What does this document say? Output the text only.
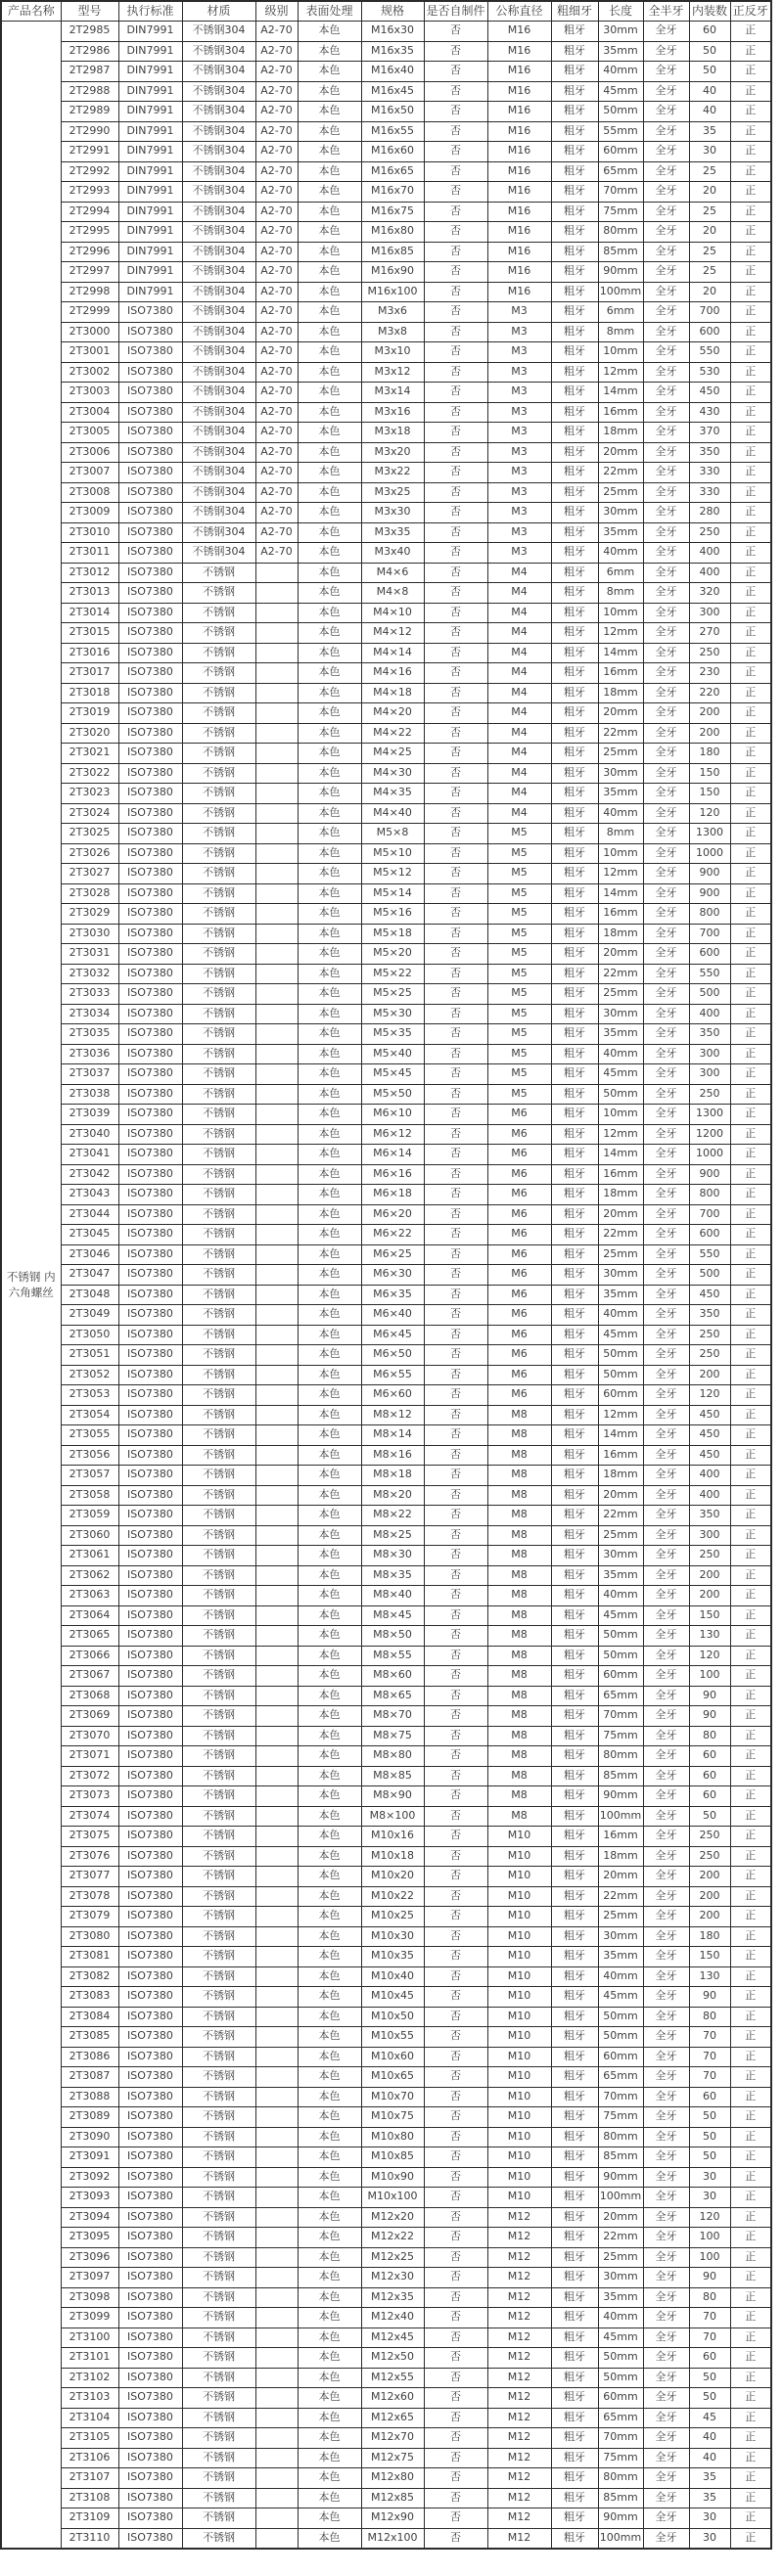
产品名称	型号	执行标准	材质	级别	表面处理	规格	是否自制件	公称直径	粗细牙	长度	全半牙	内装数	正反牙
不锈钢 内六角螺丝	2T2985	DIN7991	不锈钢304	A2-70	本色	M16x30	否	M16	粗牙	30mm	全牙	60	正
	2T2986	DIN7991	不锈钢304	A2-70	本色	M16x35	否	M16	粗牙	35mm	全牙	50	正
	2T2987	DIN7991	不锈钢304	A2-70	本色	M16x40	否	M16	粗牙	40mm	全牙	50	正
	2T2988	DIN7991	不锈钢304	A2-70	本色	M16x45	否	M16	粗牙	45mm	全牙	40	正
	2T2989	DIN7991	不锈钢304	A2-70	本色	M16x50	否	M16	粗牙	50mm	全牙	40	正
	2T2990	DIN7991	不锈钢304	A2-70	本色	M16x55	否	M16	粗牙	55mm	全牙	35	正
	2T2991	DIN7991	不锈钢304	A2-70	本色	M16x60	否	M16	粗牙	60mm	全牙	30	正
	2T2992	DIN7991	不锈钢304	A2-70	本色	M16x65	否	M16	粗牙	65mm	全牙	25	正
	2T2993	DIN7991	不锈钢304	A2-70	本色	M16x70	否	M16	粗牙	70mm	全牙	20	正
	2T2994	DIN7991	不锈钢304	A2-70	本色	M16x75	否	M16	粗牙	75mm	全牙	25	正
	2T2995	DIN7991	不锈钢304	A2-70	本色	M16x80	否	M16	粗牙	80mm	全牙	20	正
	2T2996	DIN7991	不锈钢304	A2-70	本色	M16x85	否	M16	粗牙	85mm	全牙	25	正
	2T2997	DIN7991	不锈钢304	A2-70	本色	M16x90	否	M16	粗牙	90mm	全牙	25	正
	2T2998	DIN7991	不锈钢304	A2-70	本色	M16x100	否	M16	粗牙	100mm	全牙	20	正
	2T2999	ISO7380	不锈钢304	A2-70	本色	M3x6	否	M3	粗牙	6mm	全牙	700	正
	2T3000	ISO7380	不锈钢304	A2-70	本色	M3x8	否	M3	粗牙	8mm	全牙	600	正
	2T3001	ISO7380	不锈钢304	A2-70	本色	M3x10	否	M3	粗牙	10mm	全牙	550	正
	2T3002	ISO7380	不锈钢304	A2-70	本色	M3x12	否	M3	粗牙	12mm	全牙	530	正
	2T3003	ISO7380	不锈钢304	A2-70	本色	M3x14	否	M3	粗牙	14mm	全牙	450	正
	2T3004	ISO7380	不锈钢304	A2-70	本色	M3x16	否	M3	粗牙	16mm	全牙	430	正
	2T3005	ISO7380	不锈钢304	A2-70	本色	M3x18	否	M3	粗牙	18mm	全牙	370	正
	2T3006	ISO7380	不锈钢304	A2-70	本色	M3x20	否	M3	粗牙	20mm	全牙	350	正
	2T3007	ISO7380	不锈钢304	A2-70	本色	M3x22	否	M3	粗牙	22mm	全牙	330	正
	2T3008	ISO7380	不锈钢304	A2-70	本色	M3x25	否	M3	粗牙	25mm	全牙	330	正
	2T3009	ISO7380	不锈钢304	A2-70	本色	M3x30	否	M3	粗牙	30mm	全牙	280	正
	2T3010	ISO7380	不锈钢304	A2-70	本色	M3x35	否	M3	粗牙	35mm	全牙	250	正
	2T3011	ISO7380	不锈钢304	A2-70	本色	M3x40	否	M3	粗牙	40mm	全牙	400	正
	2T3012	ISO7380	不锈钢		本色	M4×6	否	M4	粗牙	6mm	全牙	400	正
	2T3013	ISO7380	不锈钢		本色	M4×8	否	M4	粗牙	8mm	全牙	320	正
	2T3014	ISO7380	不锈钢		本色	M4×10	否	M4	粗牙	10mm	全牙	300	正
	2T3015	ISO7380	不锈钢		本色	M4×12	否	M4	粗牙	12mm	全牙	270	正
	2T3016	ISO7380	不锈钢		本色	M4×14	否	M4	粗牙	14mm	全牙	250	正
	2T3017	ISO7380	不锈钢		本色	M4×16	否	M4	粗牙	16mm	全牙	230	正
	2T3018	ISO7380	不锈钢		本色	M4×18	否	M4	粗牙	18mm	全牙	220	正
	2T3019	ISO7380	不锈钢		本色	M4×20	否	M4	粗牙	20mm	全牙	200	正
	2T3020	ISO7380	不锈钢		本色	M4×22	否	M4	粗牙	22mm	全牙	200	正
	2T3021	ISO7380	不锈钢		本色	M4×25	否	M4	粗牙	25mm	全牙	180	正
	2T3022	ISO7380	不锈钢		本色	M4×30	否	M4	粗牙	30mm	全牙	150	正
	2T3023	ISO7380	不锈钢		本色	M4×35	否	M4	粗牙	35mm	全牙	150	正
	2T3024	ISO7380	不锈钢		本色	M4×40	否	M4	粗牙	40mm	全牙	120	正
	2T3025	ISO7380	不锈钢		本色	M5×8	否	M5	粗牙	8mm	全牙	1300	正
	2T3026	ISO7380	不锈钢		本色	M5×10	否	M5	粗牙	10mm	全牙	1000	正
	2T3027	ISO7380	不锈钢		本色	M5×12	否	M5	粗牙	12mm	全牙	900	正
	2T3028	ISO7380	不锈钢		本色	M5×14	否	M5	粗牙	14mm	全牙	900	正
	2T3029	ISO7380	不锈钢		本色	M5×16	否	M5	粗牙	16mm	全牙	800	正
	2T3030	ISO7380	不锈钢		本色	M5×18	否	M5	粗牙	18mm	全牙	700	正
	2T3031	ISO7380	不锈钢		本色	M5×20	否	M5	粗牙	20mm	全牙	600	正
	2T3032	ISO7380	不锈钢		本色	M5×22	否	M5	粗牙	22mm	全牙	550	正
	2T3033	ISO7380	不锈钢		本色	M5×25	否	M5	粗牙	25mm	全牙	500	正
	2T3034	ISO7380	不锈钢		本色	M5×30	否	M5	粗牙	30mm	全牙	400	正
	2T3035	ISO7380	不锈钢		本色	M5×35	否	M5	粗牙	35mm	全牙	350	正
	2T3036	ISO7380	不锈钢		本色	M5×40	否	M5	粗牙	40mm	全牙	300	正
	2T3037	ISO7380	不锈钢		本色	M5×45	否	M5	粗牙	45mm	全牙	300	正
	2T3038	ISO7380	不锈钢		本色	M5×50	否	M5	粗牙	50mm	全牙	250	正
	2T3039	ISO7380	不锈钢		本色	M6×10	否	M6	粗牙	10mm	全牙	1300	正
	2T3040	ISO7380	不锈钢		本色	M6×12	否	M6	粗牙	12mm	全牙	1200	正
	2T3041	ISO7380	不锈钢		本色	M6×14	否	M6	粗牙	14mm	全牙	1000	正
	2T3042	ISO7380	不锈钢		本色	M6×16	否	M6	粗牙	16mm	全牙	900	正
	2T3043	ISO7380	不锈钢		本色	M6×18	否	M6	粗牙	18mm	全牙	800	正
	2T3044	ISO7380	不锈钢		本色	M6×20	否	M6	粗牙	20mm	全牙	700	正
	2T3045	ISO7380	不锈钢		本色	M6×22	否	M6	粗牙	22mm	全牙	600	正
	2T3046	ISO7380	不锈钢		本色	M6×25	否	M6	粗牙	25mm	全牙	550	正
	2T3047	ISO7380	不锈钢		本色	M6×30	否	M6	粗牙	30mm	全牙	500	正
	2T3048	ISO7380	不锈钢		本色	M6×35	否	M6	粗牙	35mm	全牙	450	正
	2T3049	ISO7380	不锈钢		本色	M6×40	否	M6	粗牙	40mm	全牙	350	正
	2T3050	ISO7380	不锈钢		本色	M6×45	否	M6	粗牙	45mm	全牙	250	正
	2T3051	ISO7380	不锈钢		本色	M6×50	否	M6	粗牙	50mm	全牙	250	正
	2T3052	ISO7380	不锈钢		本色	M6×55	否	M6	粗牙	50mm	全牙	200	正
	2T3053	ISO7380	不锈钢		本色	M6×60	否	M6	粗牙	60mm	全牙	120	正
	2T3054	ISO7380	不锈钢		本色	M8×12	否	M8	粗牙	12mm	全牙	450	正
	2T3055	ISO7380	不锈钢		本色	M8×14	否	M8	粗牙	14mm	全牙	450	正
	2T3056	ISO7380	不锈钢		本色	M8×16	否	M8	粗牙	16mm	全牙	450	正
	2T3057	ISO7380	不锈钢		本色	M8×18	否	M8	粗牙	18mm	全牙	400	正
	2T3058	ISO7380	不锈钢		本色	M8×20	否	M8	粗牙	20mm	全牙	400	正
	2T3059	ISO7380	不锈钢		本色	M8×22	否	M8	粗牙	22mm	全牙	350	正
	2T3060	ISO7380	不锈钢		本色	M8×25	否	M8	粗牙	25mm	全牙	300	正
	2T3061	ISO7380	不锈钢		本色	M8×30	否	M8	粗牙	30mm	全牙	250	正
	2T3062	ISO7380	不锈钢		本色	M8×35	否	M8	粗牙	35mm	全牙	200	正
	2T3063	ISO7380	不锈钢		本色	M8×40	否	M8	粗牙	40mm	全牙	200	正
	2T3064	ISO7380	不锈钢		本色	M8×45	否	M8	粗牙	45mm	全牙	150	正
	2T3065	ISO7380	不锈钢		本色	M8×50	否	M8	粗牙	50mm	全牙	130	正
	2T3066	ISO7380	不锈钢		本色	M8×55	否	M8	粗牙	50mm	全牙	120	正
	2T3067	ISO7380	不锈钢		本色	M8×60	否	M8	粗牙	60mm	全牙	100	正
	2T3068	ISO7380	不锈钢		本色	M8×65	否	M8	粗牙	65mm	全牙	90	正
	2T3069	ISO7380	不锈钢		本色	M8×70	否	M8	粗牙	70mm	全牙	90	正
	2T3070	ISO7380	不锈钢		本色	M8×75	否	M8	粗牙	75mm	全牙	80	正
	2T3071	ISO7380	不锈钢		本色	M8×80	否	M8	粗牙	80mm	全牙	60	正
	2T3072	ISO7380	不锈钢		本色	M8×85	否	M8	粗牙	85mm	全牙	60	正
	2T3073	ISO7380	不锈钢		本色	M8×90	否	M8	粗牙	90mm	全牙	60	正
	2T3074	ISO7380	不锈钢		本色	M8×100	否	M8	粗牙	100mm	全牙	50	正
	2T3075	ISO7380	不锈钢		本色	M10x16	否	M10	粗牙	16mm	全牙	250	正
	2T3076	ISO7380	不锈钢		本色	M10x18	否	M10	粗牙	18mm	全牙	250	正
	2T3077	ISO7380	不锈钢		本色	M10x20	否	M10	粗牙	20mm	全牙	200	正
	2T3078	ISO7380	不锈钢		本色	M10x22	否	M10	粗牙	22mm	全牙	200	正
	2T3079	ISO7380	不锈钢		本色	M10x25	否	M10	粗牙	25mm	全牙	200	正
	2T3080	ISO7380	不锈钢		本色	M10x30	否	M10	粗牙	30mm	全牙	180	正
	2T3081	ISO7380	不锈钢		本色	M10x35	否	M10	粗牙	35mm	全牙	150	正
	2T3082	ISO7380	不锈钢		本色	M10x40	否	M10	粗牙	40mm	全牙	130	正
	2T3083	ISO7380	不锈钢		本色	M10x45	否	M10	粗牙	45mm	全牙	90	正
	2T3084	ISO7380	不锈钢		本色	M10x50	否	M10	粗牙	50mm	全牙	80	正
	2T3085	ISO7380	不锈钢		本色	M10x55	否	M10	粗牙	50mm	全牙	70	正
	2T3086	ISO7380	不锈钢		本色	M10x60	否	M10	粗牙	60mm	全牙	70	正
	2T3087	ISO7380	不锈钢		本色	M10x65	否	M10	粗牙	65mm	全牙	70	正
	2T3088	ISO7380	不锈钢		本色	M10x70	否	M10	粗牙	70mm	全牙	60	正
	2T3089	ISO7380	不锈钢		本色	M10x75	否	M10	粗牙	75mm	全牙	50	正
	2T3090	ISO7380	不锈钢		本色	M10x80	否	M10	粗牙	80mm	全牙	50	正
	2T3091	ISO7380	不锈钢		本色	M10x85	否	M10	粗牙	85mm	全牙	50	正
	2T3092	ISO7380	不锈钢		本色	M10x90	否	M10	粗牙	90mm	全牙	30	正
	2T3093	ISO7380	不锈钢		本色	M10x100	否	M10	粗牙	100mm	全牙	30	正
	2T3094	ISO7380	不锈钢		本色	M12x20	否	M12	粗牙	20mm	全牙	120	正
	2T3095	ISO7380	不锈钢		本色	M12x22	否	M12	粗牙	22mm	全牙	100	正
	2T3096	ISO7380	不锈钢		本色	M12x25	否	M12	粗牙	25mm	全牙	100	正
	2T3097	ISO7380	不锈钢		本色	M12x30	否	M12	粗牙	30mm	全牙	90	正
	2T3098	ISO7380	不锈钢		本色	M12x35	否	M12	粗牙	35mm	全牙	80	正
	2T3099	ISO7380	不锈钢		本色	M12x40	否	M12	粗牙	40mm	全牙	70	正
	2T3100	ISO7380	不锈钢		本色	M12x45	否	M12	粗牙	45mm	全牙	70	正
	2T3101	ISO7380	不锈钢		本色	M12x50	否	M12	粗牙	50mm	全牙	60	正
	2T3102	ISO7380	不锈钢		本色	M12x55	否	M12	粗牙	50mm	全牙	50	正
	2T3103	ISO7380	不锈钢		本色	M12x60	否	M12	粗牙	60mm	全牙	50	正
	2T3104	ISO7380	不锈钢		本色	M12x65	否	M12	粗牙	65mm	全牙	45	正
	2T3105	ISO7380	不锈钢		本色	M12x70	否	M12	粗牙	70mm	全牙	40	正
	2T3106	ISO7380	不锈钢		本色	M12x75	否	M12	粗牙	75mm	全牙	40	正
	2T3107	ISO7380	不锈钢		本色	M12x80	否	M12	粗牙	80mm	全牙	35	正
	2T3108	ISO7380	不锈钢		本色	M12x85	否	M12	粗牙	85mm	全牙	35	正
	2T3109	ISO7380	不锈钢		本色	M12x90	否	M12	粗牙	90mm	全牙	30	正
	2T3110	ISO7380	不锈钢		本色	M12x100	否	M12	粗牙	100mm	全牙	30	正
